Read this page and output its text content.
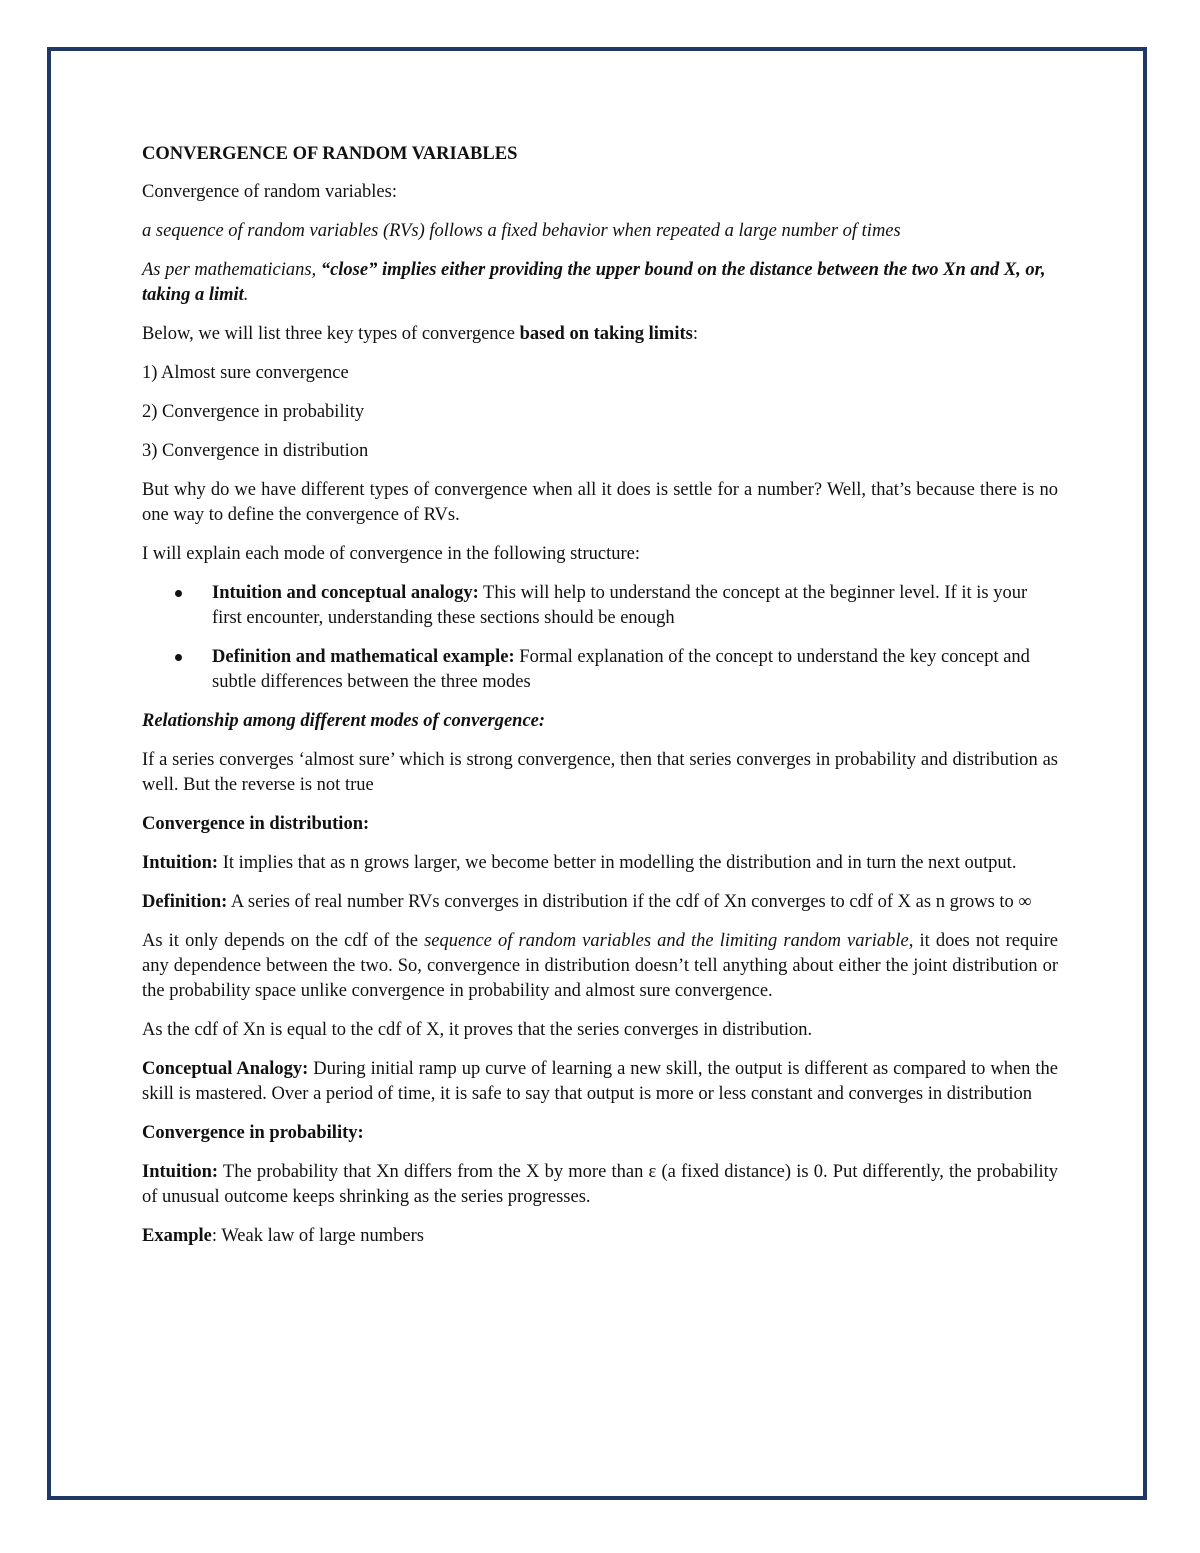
CONVERGENCE OF RANDOM VARIABLES

Convergence of random variables:

a sequence of random variables (RVs) follows a fixed behavior when repeated a large number of times

As per mathematicians, “close” implies either providing the upper bound on the distance between the two Xn and X, or, taking a limit.

Below, we will list three key types of convergence based on taking limits:

1) Almost sure convergence

2) Convergence in probability

3) Convergence in distribution

But why do we have different types of convergence when all it does is settle for a number? Well, that’s because there is no one way to define the convergence of RVs.

I will explain each mode of convergence in the following structure:

Intuition and conceptual analogy: This will help to understand the concept at the beginner level. If it is your first encounter, understanding these sections should be enough
Definition and mathematical example: Formal explanation of the concept to understand the key concept and subtle differences between the three modes

Relationship among different modes of convergence:

If a series converges ‘almost sure’ which is strong convergence, then that series converges in probability and distribution as well. But the reverse is not true

Convergence in distribution:

Intuition: It implies that as n grows larger, we become better in modelling the distribution and in turn the next output.

Definition: A series of real number RVs converges in distribution if the cdf of Xn converges to cdf of X as n grows to ∞

As it only depends on the cdf of the sequence of random variables and the limiting random variable, it does not require any dependence between the two. So, convergence in distribution doesn’t tell anything about either the joint distribution or the probability space unlike convergence in probability and almost sure convergence.

As the cdf of Xn is equal to the cdf of X, it proves that the series converges in distribution.

Conceptual Analogy: During initial ramp up curve of learning a new skill, the output is different as compared to when the skill is mastered. Over a period of time, it is safe to say that output is more or less constant and converges in distribution

Convergence in probability:

Intuition: The probability that Xn differs from the X by more than ε (a fixed distance) is 0. Put differently, the probability of unusual outcome keeps shrinking as the series progresses.

Example: Weak law of large numbers
